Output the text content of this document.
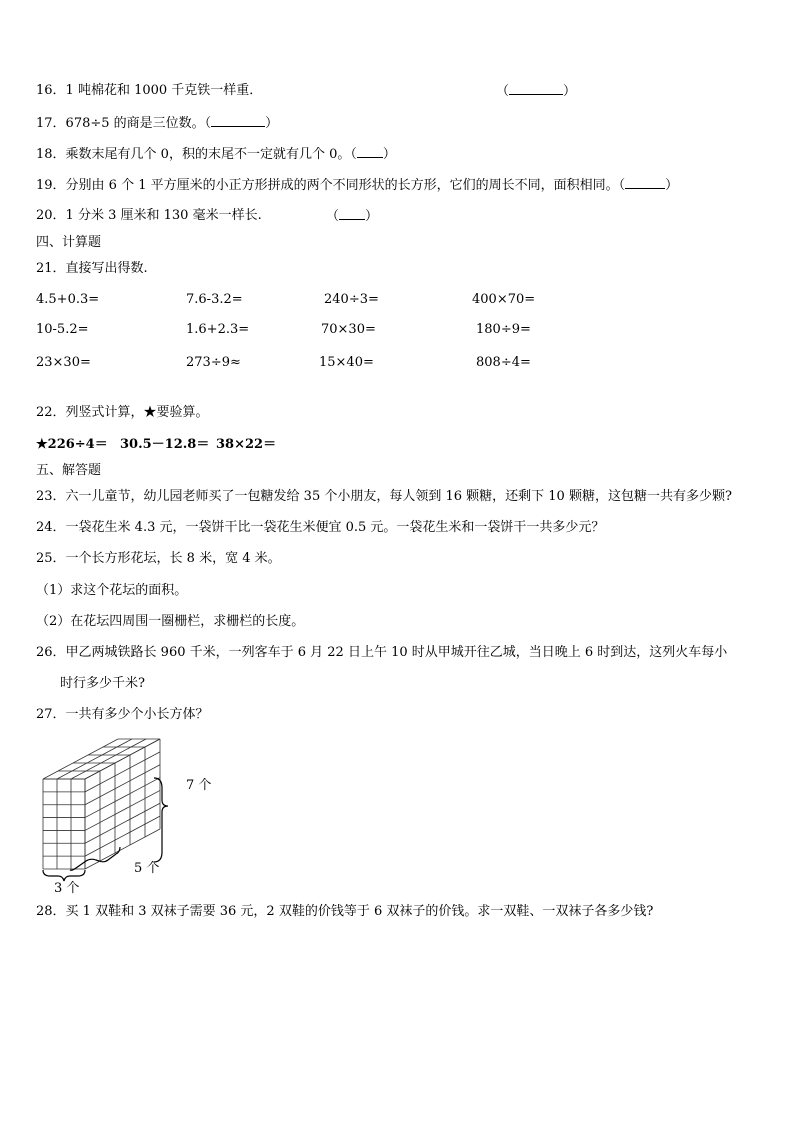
16．1 吨棉花和 1000 千克铁一样重．	（	）
17．678÷5 的商是三位数。（	）
18．乘数末尾有几个 0，积的末尾不一定就有几个 0。（ ）
19．分别由 6 个 1 平方厘米的小正方形拼成的两个不同形状的长方形，它们的周长不同，面积相同。（	）
20．1 分米 3 厘米和 130 毫米一样长.	（ ）
四、计算题
21．直接写出得数.
4.5+0.3=	7.6-3.2=	240÷3=	400×70=
10-5.2=	1.6+2.3=	70×30=	180÷9=
23×30=	273÷9≈	15×40=	808÷4=
22．列竖式计算，★要验算。
★226÷4＝ 30.5－12.8＝ 38×22＝
五、解答题
23．六一儿童节，幼儿园老师买了一包糖发给 35 个小朋友，每人领到 16 颗糖，还剩下 10 颗糖，这包糖一共有多少颗?
24．一袋花生米 4.3 元，一袋饼干比一袋花生米便宜 0.5 元。一袋花生米和一袋饼干一共多少元？
25．一个长方形花坛，长 8 米，宽 4 米。
（1）求这个花坛的面积。
（2）在花坛四周围一圈栅栏，求栅栏的长度。
26．甲乙两城铁路长 960 千米，一列客车于 6 月 22 日上午 10 时从甲城开往乙城，当日晚上 6 时到达，这列火车每小
时行多少千米?
27．一共有多少个小长方体？
7 个
5 个
3 个
28．买 1 双鞋和 3 双袜子需要 36 元，2 双鞋的价钱等于 6 双袜子的价钱。求一双鞋、一双袜子各多少钱?
